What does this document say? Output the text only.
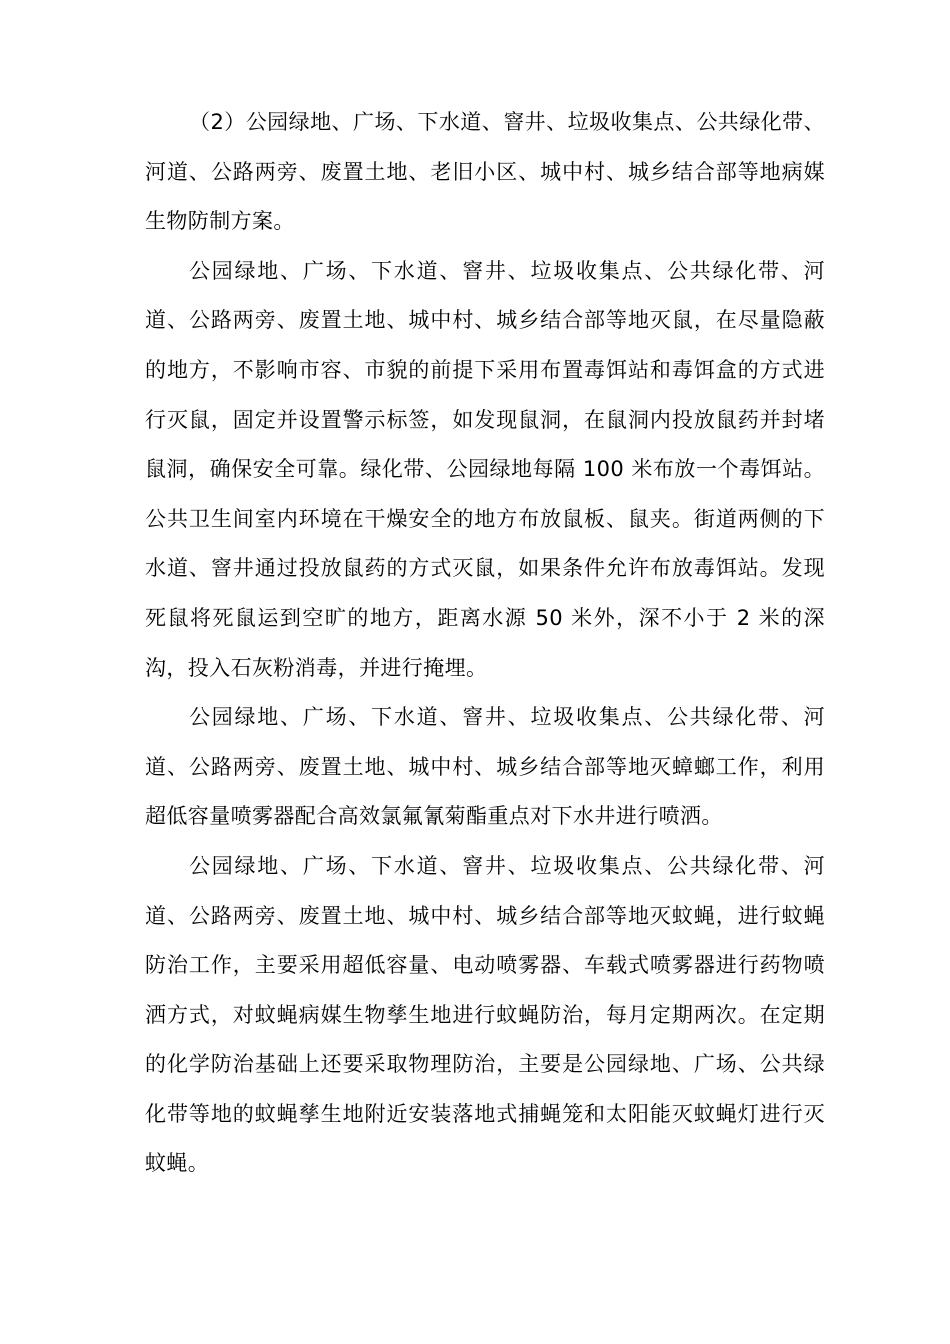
（2）公园绿地、广场、下水道、窨井、垃圾收集点、公共绿化带、河道、公路两旁、废置土地、老旧小区、城中村、城乡结合部等地病媒生物防制方案。

公园绿地、广场、下水道、窨井、垃圾收集点、公共绿化带、河道、公路两旁、废置土地、城中村、城乡结合部等地灭鼠，在尽量隐蔽的地方，不影响市容、市貌的前提下采用布置毒饵站和毒饵盒的方式进行灭鼠，固定并设置警示标签，如发现鼠洞，在鼠洞内投放鼠药并封堵鼠洞，确保安全可靠。绿化带、公园绿地每隔 100 米布放一个毒饵站。公共卫生间室内环境在干燥安全的地方布放鼠板、鼠夹。街道两侧的下水道、窨井通过投放鼠药的方式灭鼠，如果条件允许布放毒饵站。发现死鼠将死鼠运到空旷的地方，距离水源 50 米外，深不小于 2 米的深沟，投入石灰粉消毒，并进行掩埋。

公园绿地、广场、下水道、窨井、垃圾收集点、公共绿化带、河道、公路两旁、废置土地、城中村、城乡结合部等地灭蟑螂工作，利用超低容量喷雾器配合高效氯氟氰菊酯重点对下水井进行喷洒。

公园绿地、广场、下水道、窨井、垃圾收集点、公共绿化带、河道、公路两旁、废置土地、城中村、城乡结合部等地灭蚊蝇，进行蚊蝇防治工作，主要采用超低容量、电动喷雾器、车载式喷雾器进行药物喷洒方式，对蚊蝇病媒生物孳生地进行蚊蝇防治，每月定期两次。在定期的化学防治基础上还要采取物理防治，主要是公园绿地、广场、公共绿化带等地的蚊蝇孳生地附近安装落地式捕蝇笼和太阳能灭蚊蝇灯进行灭蚊蝇。
